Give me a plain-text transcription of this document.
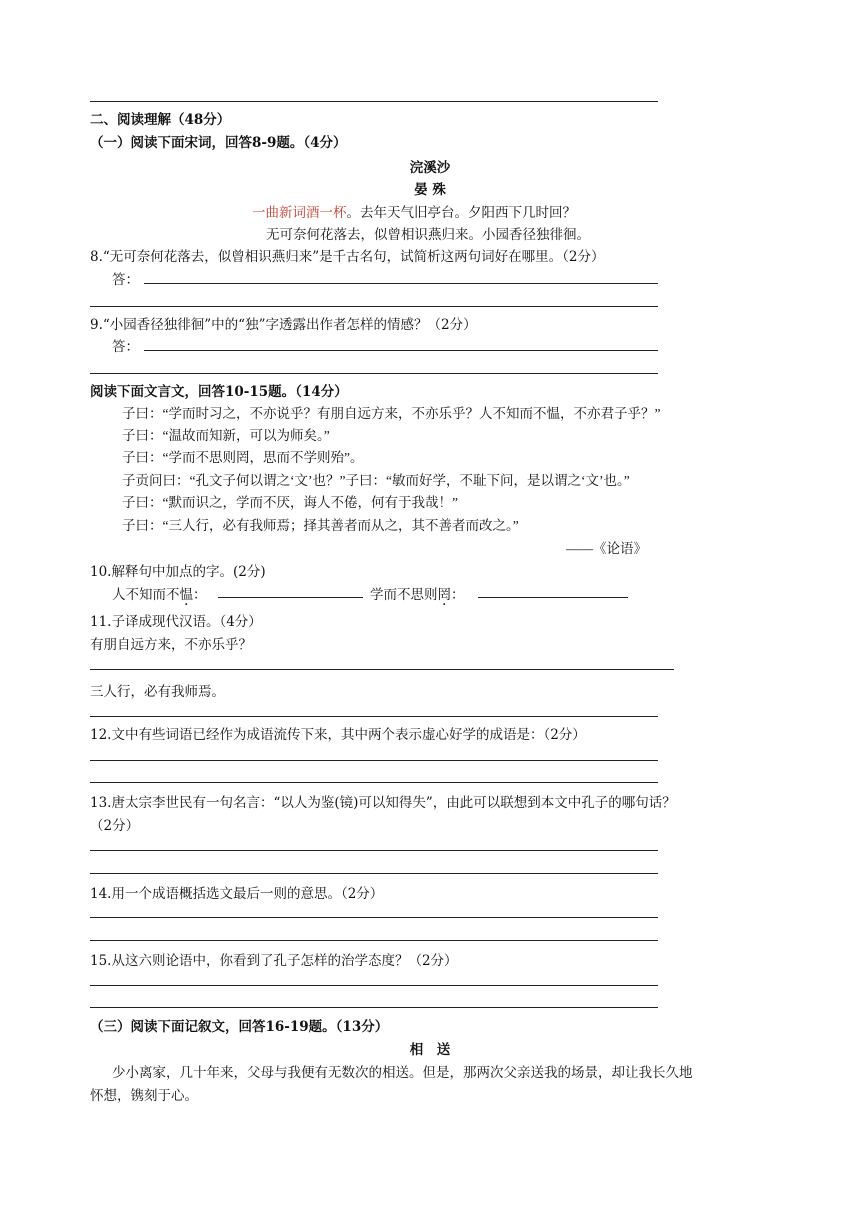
二、阅读理解（48分）
（一）阅读下面宋词，回答8-9题。（4分）
浣溪沙
晏 殊
一曲新词酒一杯。去年天气旧亭台。夕阳西下几时回？
无可奈何花落去，似曾相识燕归来。小园香径独徘徊。
8.“无可奈何花落去，似曾相识燕归来”是千古名句，试简析这两句词好在哪里。（2分）
答：
9.“小园香径独徘徊”中的“独”字透露出作者怎样的情感？（2分）
答：
阅读下面文言文，回答10-15题。（14分）
子曰：“学而时习之，不亦说乎？有朋自远方来，不亦乐乎？人不知而不愠，不亦君子乎？”
子曰：“温故而知新，可以为师矣。”
子曰：“学而不思则罔，思而不学则殆”。
子贡问曰：“孔文子何以谓之‘文’也？”子曰：“敏而好学，不耻下问，是以谓之‘文’也。”
子曰：“默而识之，学而不厌，诲人不倦，何有于我哉！”
子曰：“三人行，必有我师焉；择其善者而从之，其不善者而改之。”
——《论语》
10.解释句中加点的字。(2分)
人不知而不愠：	学而不思则罔：
11.子译成现代汉语。（4分）
有朋自远方来，不亦乐乎？
三人行，必有我师焉。
12.文中有些词语已经作为成语流传下来，其中两个表示虚心好学的成语是：（2分）
13.唐太宗李世民有一句名言：“以人为鉴(镜)可以知得失”，由此可以联想到本文中孔子的哪句话？
（2分）
14.用一个成语概括选文最后一则的意思。（2分）
15.从这六则论语中，你看到了孔子怎样的治学态度？（2分）
（三）阅读下面记叙文，回答16-19题。（13分）
相　送
少小离家，几十年来，父母与我便有无数次的相送。但是，那两次父亲送我的场景，却让我长久地
怀想，镌刻于心。
